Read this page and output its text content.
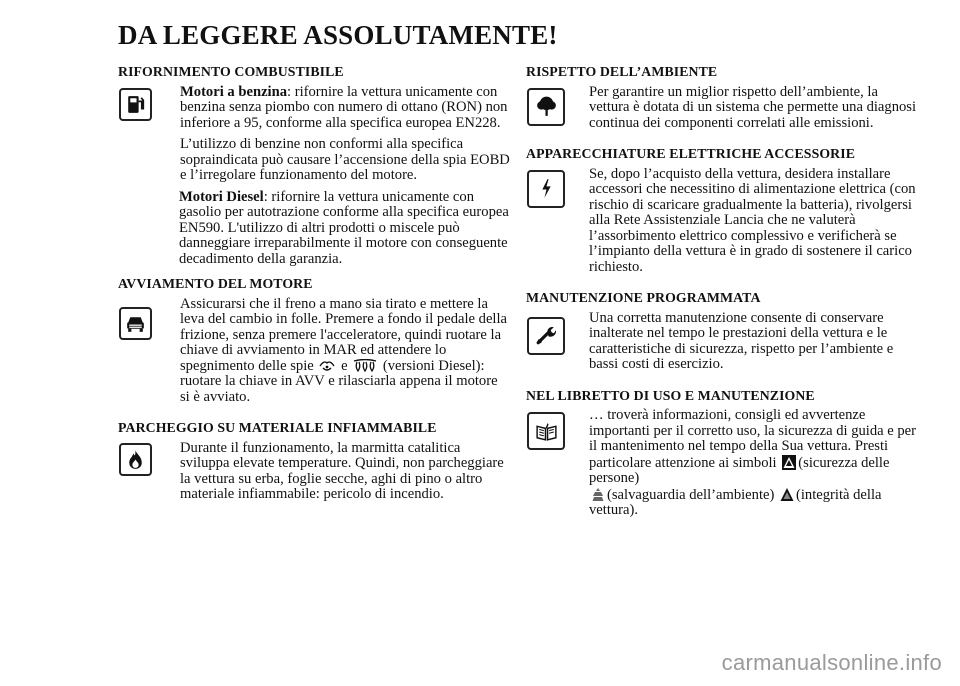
DA LEGGERE ASSOLUTAMENTE!
RIFORNIMENTO COMBUSTIBILE

Motori a benzina: rifornire la vettura unicamente con benzina senza piombo con numero di ottano (RON) non inferiore a 95, conforme alla specifica europea EN228.

L’utilizzo di benzine non conformi alla specifica sopraindicata può causare l’accensione della spia EOBD e l’irregolare funzionamento del motore.

Motori Diesel: rifornire la vettura unicamente con gasolio per autotrazione conforme alla specifica europea EN590. L'utilizzo di altri prodotti o miscele può danneggiare irreparabilmente il motore con conseguente decadimento della garanzia.

AVVIAMENTO DEL MOTORE

Assicurarsi che il freno a mano sia tirato e mettere la leva del cambio in folle. Premere a fondo il pedale della frizione, senza premere l'acceleratore, quindi ruotare la chiave di avviamento in MAR ed attendere lo spegnimento delle spie  e  (versioni Diesel): ruotare la chiave in AVV e rilasciarla appena il motore si è avviato.

PARCHEGGIO SU MATERIALE INFIAMMABILE

Durante il funzionamento, la marmitta catalitica sviluppa elevate temperature. Quindi, non parcheggiare la vettura su erba, foglie secche, aghi di pino o altro materiale infiammabile: pericolo di incendio.

RISPETTO DELL’AMBIENTE

Per garantire un miglior rispetto dell’ambiente, la vettura è dotata di un sistema che permette una diagnosi continua dei componenti correlati alle emissioni.

APPARECCHIATURE ELETTRICHE ACCESSORIE

Se, dopo l’acquisto della vettura, desidera installare accessori che necessitino di alimentazione elettrica (con rischio di scaricare gradualmente la batteria), rivolgersi alla Rete Assistenziale Lancia che ne valuterà l’assorbimento elettrico complessivo e verificherà se l’impianto della vettura è in grado di sostenere il carico richiesto.

MANUTENZIONE PROGRAMMATA

Una corretta manutenzione consente di conservare inalterate nel tempo le prestazioni della vettura e le caratteristiche di sicurezza, rispetto per l’ambiente e bassi costi di esercizio.

NEL LIBRETTO DI USO E MANUTENZIONE

… troverà informazioni, consigli ed avvertenze importanti per il corretto uso, la sicurezza di guida e per il mantenimento nel tempo della Sua vettura. Presti particolare attenzione ai simboli (sicurezza delle persone)
(salvaguardia dell’ambiente) (integrità della vettura).

carmanualsonline.info
